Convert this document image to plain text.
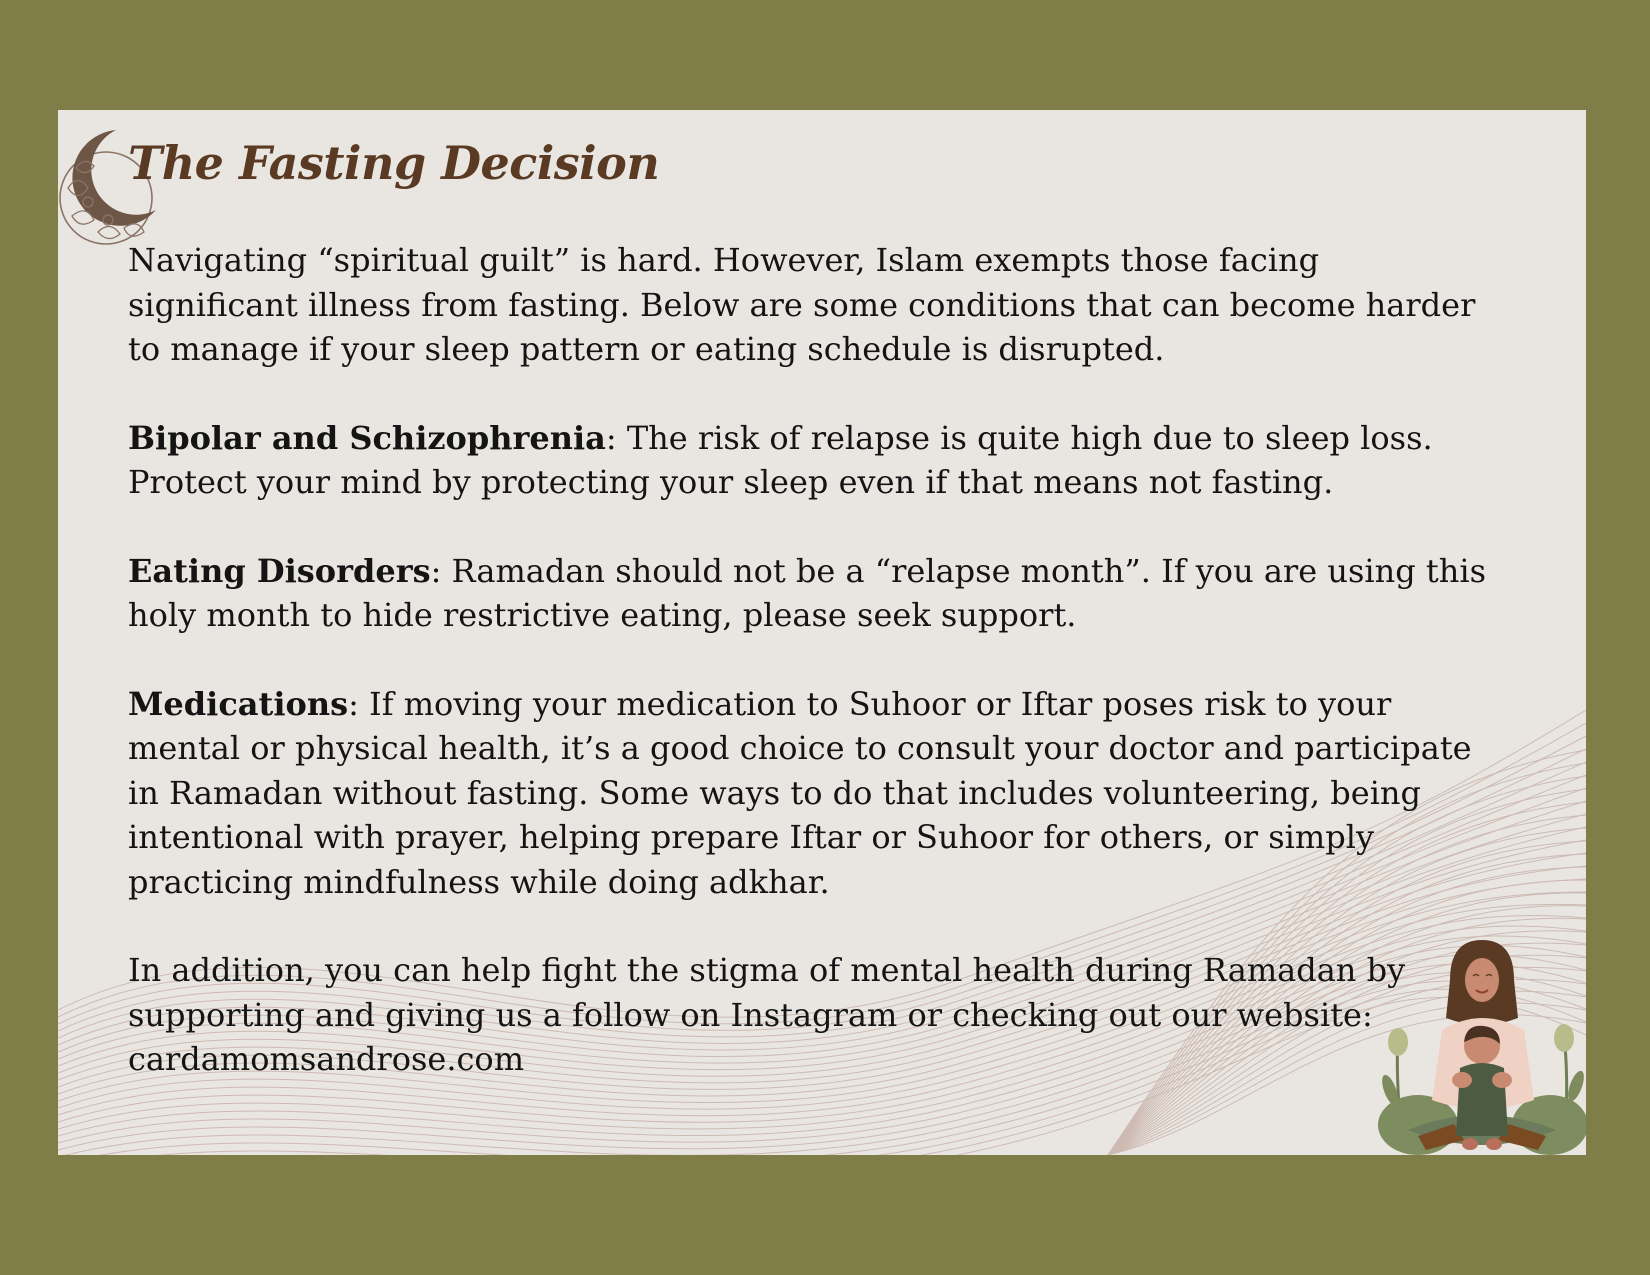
The Fasting Decision

Navigating “spiritual guilt” is hard. However, Islam exempts those facing significant illness from fasting. Below are some conditions that can become harder to manage if your sleep pattern or eating schedule is disrupted.

Bipolar and Schizophrenia: The risk of relapse is quite high due to sleep loss. Protect your mind by protecting your sleep even if that means not fasting.

Eating Disorders: Ramadan should not be a “relapse month”. If you are using this holy month to hide restrictive eating, please seek support.

Medications: If moving your medication to Suhoor or Iftar poses risk to your mental or physical health, it’s a good choice to consult your doctor and participate in Ramadan without fasting. Some ways to do that includes volunteering, being intentional with prayer, helping prepare Iftar or Suhoor for others, or simply practicing mindfulness while doing adkhar.

In addition, you can help fight the stigma of mental health during Ramadan by supporting and giving us a follow on Instagram or checking out our website: cardamomsandrose.com
